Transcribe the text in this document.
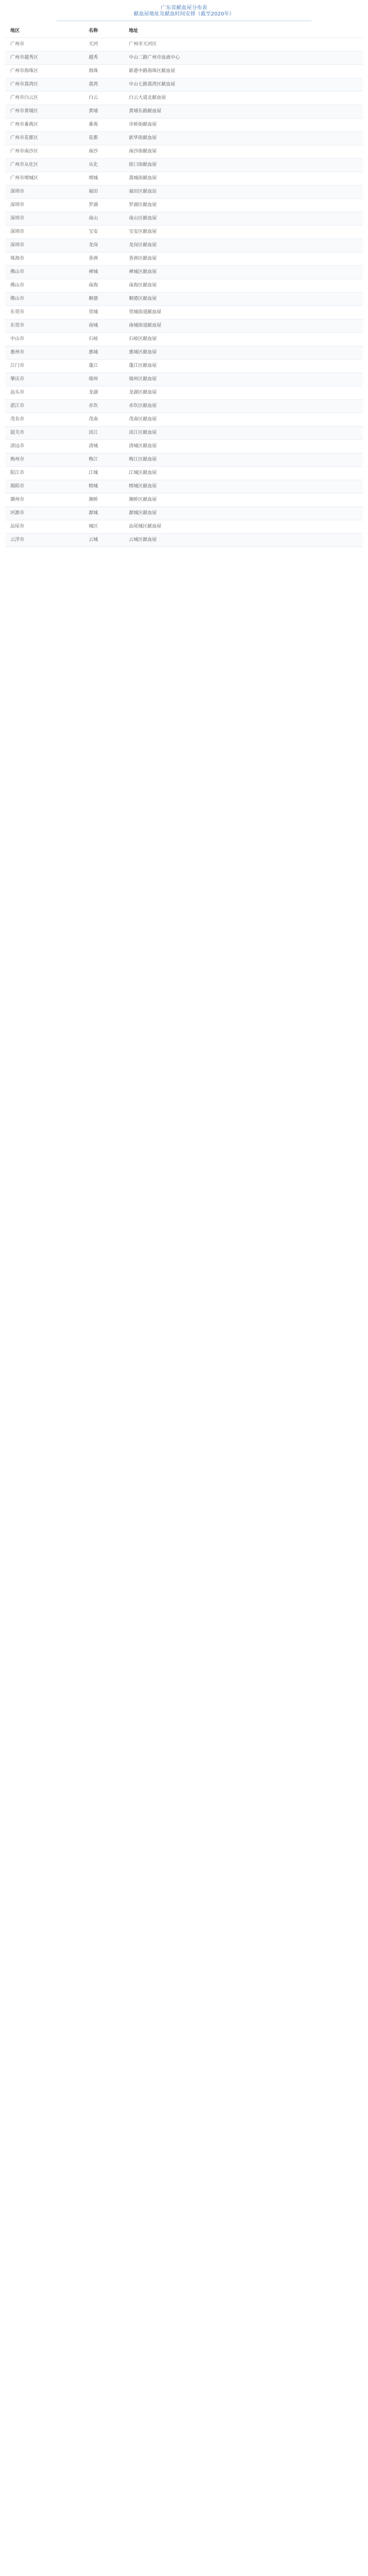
广东省献血屋分布表
献血屋地址及献血时间安排（截至2020年）
地区	名称	地址
广州市	天河	广州市天河区
广州市越秀区	越秀	中山二路广州市血液中心
广州市海珠区	海珠	新港中路海珠区献血屋
广州市荔湾区	荔湾	中山七路荔湾区献血屋
广州市白云区	白云	白云大道北献血屋
广州市黄埔区	黄埔	黄埔东路献血屋
广州市番禺区	番禺	市桥街献血屋
广州市花都区	花都	新华街献血屋
广州市南沙区	南沙	南沙街献血屋
广州市从化区	从化	街口街献血屋
广州市增城区	增城	荔城街献血屋
深圳市	福田	福田区献血站
深圳市	罗湖	罗湖区献血屋
深圳市	南山	南山区献血屋
深圳市	宝安	宝安区献血屋
深圳市	龙岗	龙岗区献血屋
珠海市	香洲	香洲区献血屋
佛山市	禅城	禅城区献血屋
佛山市	南海	南海区献血屋
佛山市	顺德	顺德区献血屋
东莞市	莞城	莞城街道献血屋
东莞市	南城	南城街道献血屋
中山市	石岐	石岐区献血屋
惠州市	惠城	惠城区献血屋
江门市	蓬江	蓬江区献血屋
肇庆市	端州	端州区献血屋
汕头市	龙湖	龙湖区献血屋
湛江市	赤坎	赤坎区献血屋
茂名市	茂南	茂南区献血屋
韶关市	浈江	浈江区献血屋
清远市	清城	清城区献血屋
梅州市	梅江	梅江区献血屋
阳江市	江城	江城区献血屋
揭阳市	榕城	榕城区献血屋
潮州市	湘桥	湘桥区献血屋
河源市	源城	源城区献血屋
汕尾市	城区	汕尾城区献血屋
云浮市	云城	云城区献血屋
